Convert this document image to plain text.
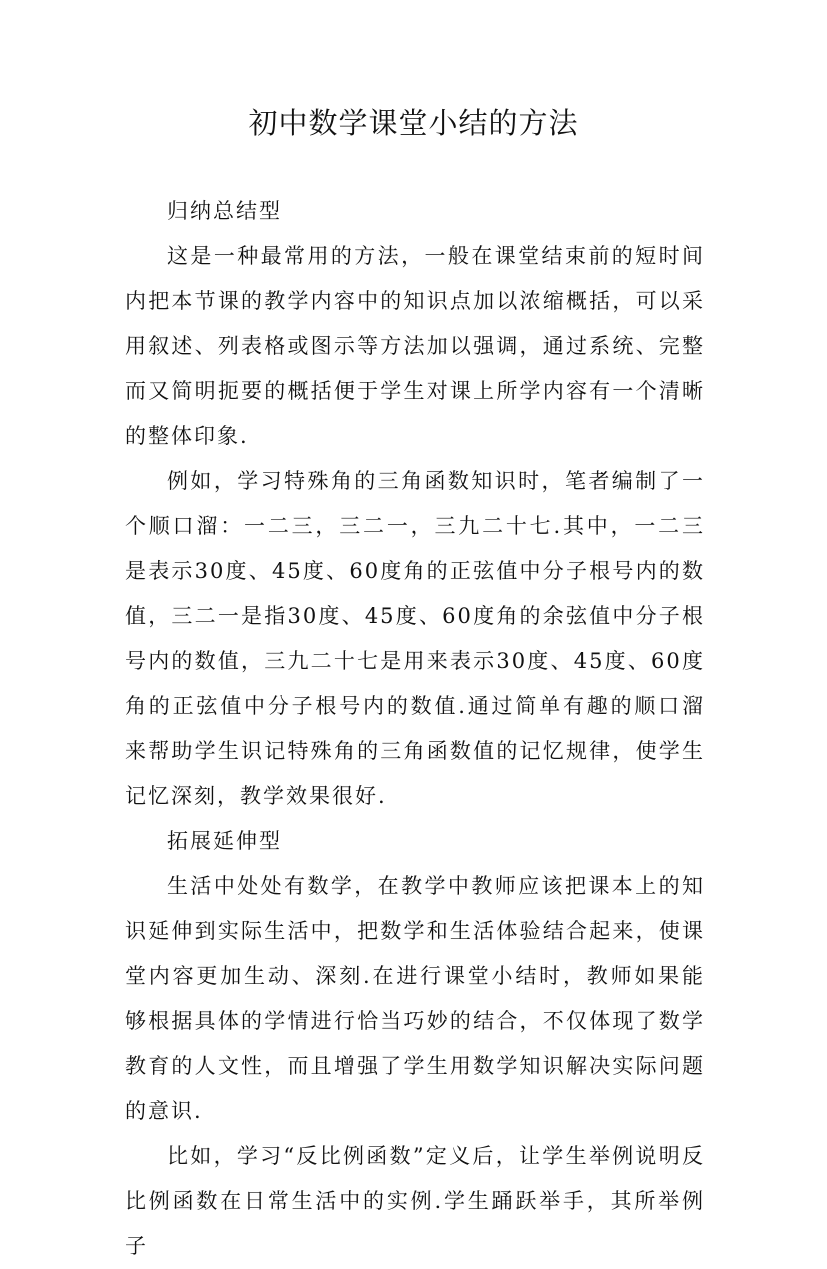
初中数学课堂小结的方法

归纳总结型

这是一种最常用的方法，一般在课堂结束前的短时间内把本节课的教学内容中的知识点加以浓缩概括，可以采用叙述、列表格或图示等方法加以强调，通过系统、完整而又简明扼要的概括便于学生对课上所学内容有一个清晰的整体印象.

例如，学习特殊角的三角函数知识时，笔者编制了一个顺口溜：一二三，三二一，三九二十七.其中，一二三是表示30度、45度、60度角的正弦值中分子根号内的数值，三二一是指30度、45度、60度角的余弦值中分子根号内的数值，三九二十七是用来表示30度、45度、60度角的正弦值中分子根号内的数值.通过简单有趣的顺口溜来帮助学生识记特殊角的三角函数值的记忆规律，使学生记忆深刻，教学效果很好.

拓展延伸型

生活中处处有数学，在教学中教师应该把课本上的知识延伸到实际生活中，把数学和生活体验结合起来，使课堂内容更加生动、深刻.在进行课堂小结时，教师如果能够根据具体的学情进行恰当巧妙的结合，不仅体现了数学教育的人文性，而且增强了学生用数学知识解决实际问题的意识.

比如，学习“反比例函数”定义后，让学生举例说明反比例函数在日常生活中的实例.学生踊跃举手，其所举例子
